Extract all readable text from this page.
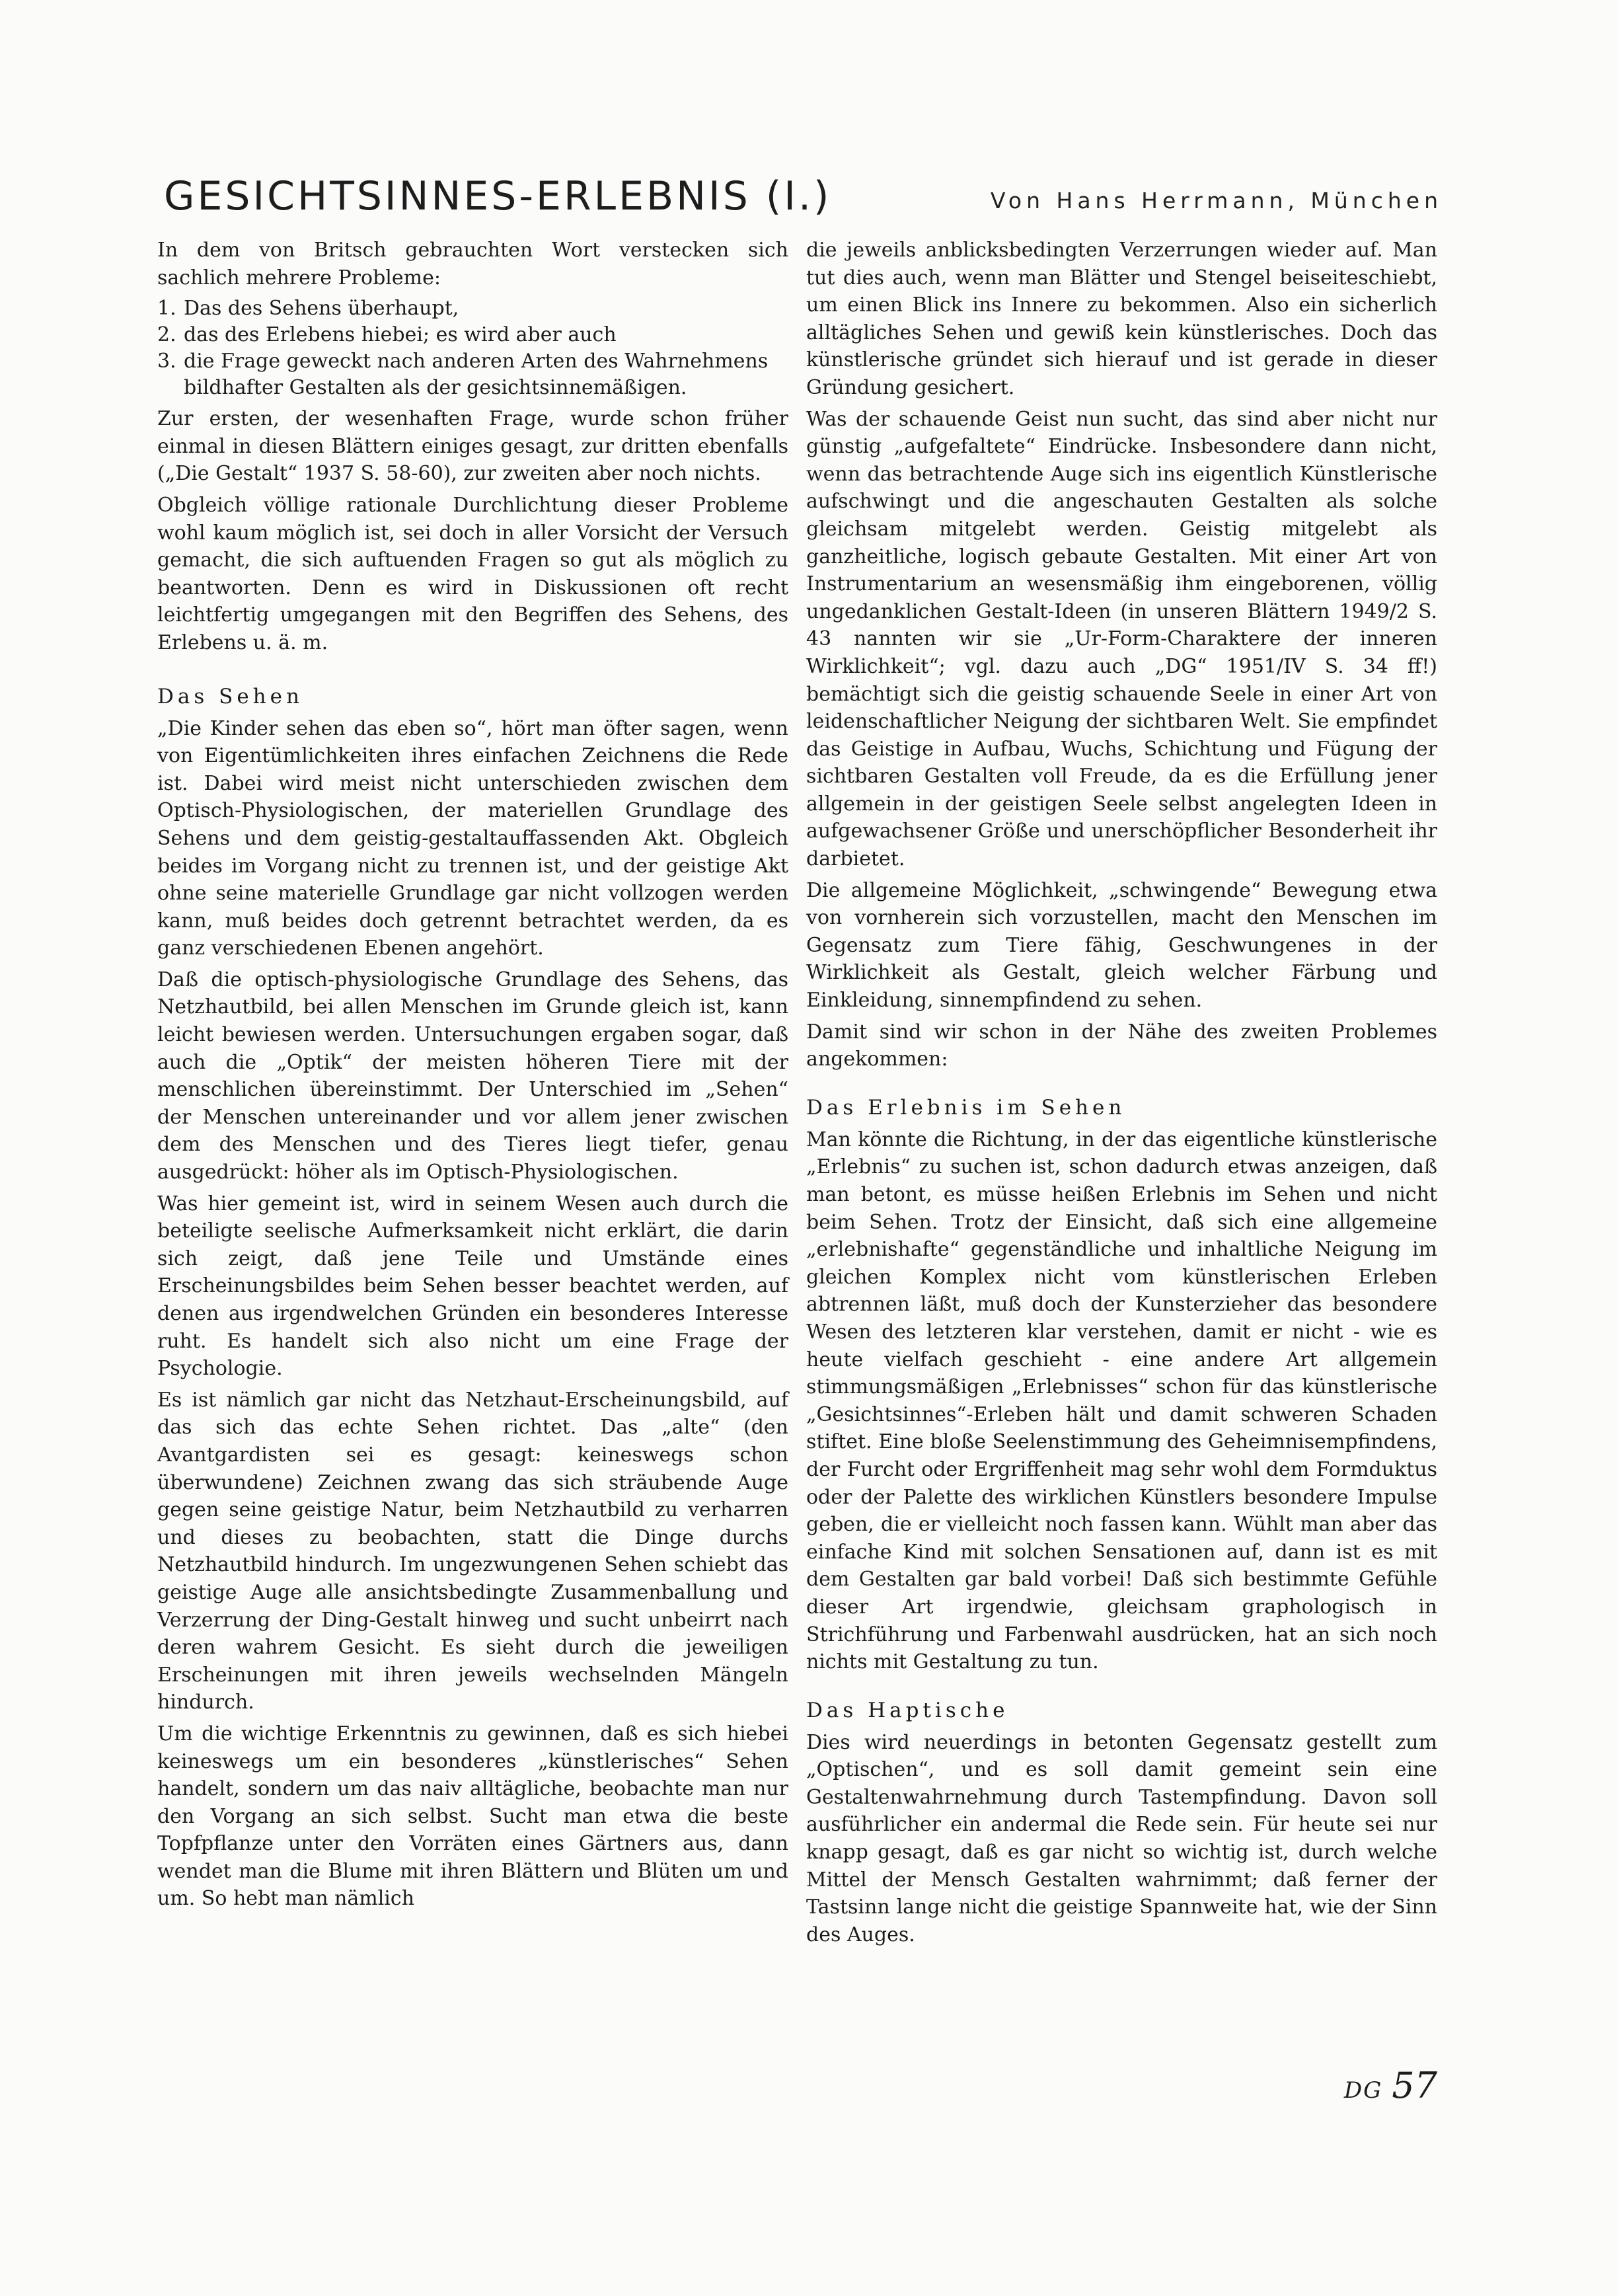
GESICHTSINNES-ERLEBNIS (I.)	Von Hans Herrmann, München

In dem von Britsch gebrauchten Wort verstecken sich sachlich mehrere Probleme:

1. Das des Sehens überhaupt,
2. das des Erlebens hiebei; es wird aber auch
3. die Frage geweckt nach anderen Arten des Wahrnehmens bildhafter Gestalten als der gesichtsinnemäßigen.

Zur ersten, der wesenhaften Frage, wurde schon früher einmal in diesen Blättern einiges gesagt, zur dritten ebenfalls („Die Gestalt“ 1937 S. 58-60), zur zweiten aber noch nichts.

Obgleich völlige rationale Durchlichtung dieser Probleme wohl kaum möglich ist, sei doch in aller Vorsicht der Versuch gemacht, die sich auftuenden Fragen so gut als möglich zu beantworten. Denn es wird in Diskussionen oft recht leichtfertig umgegangen mit den Begriffen des Sehens, des Erlebens u. ä. m.

Das Sehen

„Die Kinder sehen das eben so“, hört man öfter sagen, wenn von Eigentümlichkeiten ihres einfachen Zeichnens die Rede ist. Dabei wird meist nicht unterschieden zwischen dem Optisch-Physiologischen, der materiellen Grundlage des Sehens und dem geistig-gestaltauffassenden Akt. Obgleich beides im Vorgang nicht zu trennen ist, und der geistige Akt ohne seine materielle Grundlage gar nicht vollzogen werden kann, muß beides doch getrennt betrachtet werden, da es ganz verschiedenen Ebenen angehört.

Daß die optisch-physiologische Grundlage des Sehens, das Netzhautbild, bei allen Menschen im Grunde gleich ist, kann leicht bewiesen werden. Untersuchungen ergaben sogar, daß auch die „Optik“ der meisten höheren Tiere mit der menschlichen übereinstimmt. Der Unterschied im „Sehen“ der Menschen untereinander und vor allem jener zwischen dem des Menschen und des Tieres liegt tiefer, genau ausgedrückt: höher als im Optisch-Physiologischen.

Was hier gemeint ist, wird in seinem Wesen auch durch die beteiligte seelische Aufmerksamkeit nicht erklärt, die darin sich zeigt, daß jene Teile und Umstände eines Erscheinungsbildes beim Sehen besser beachtet werden, auf denen aus irgendwelchen Gründen ein besonderes Interesse ruht. Es handelt sich also nicht um eine Frage der Psychologie.

Es ist nämlich gar nicht das Netzhaut-Erscheinungsbild, auf das sich das echte Sehen richtet. Das „alte“ (den Avantgardisten sei es gesagt: keineswegs schon überwundene) Zeichnen zwang das sich sträubende Auge gegen seine geistige Natur, beim Netzhautbild zu verharren und dieses zu beobachten, statt die Dinge durchs Netzhautbild hindurch. Im ungezwungenen Sehen schiebt das geistige Auge alle ansichtsbedingte Zusammenballung und Verzerrung der Ding-Gestalt hinweg und sucht unbeirrt nach deren wahrem Gesicht. Es sieht durch die jeweiligen Erscheinungen mit ihren jeweils wechselnden Mängeln hindurch.

Um die wichtige Erkenntnis zu gewinnen, daß es sich hiebei keineswegs um ein besonderes „künstlerisches“ Sehen handelt, sondern um das naiv alltägliche, beobachte man nur den Vorgang an sich selbst. Sucht man etwa die beste Topfpflanze unter den Vorräten eines Gärtners aus, dann wendet man die Blume mit ihren Blättern und Blüten um und um. So hebt man nämlich

die jeweils anblicksbedingten Verzerrungen wieder auf. Man tut dies auch, wenn man Blätter und Stengel beiseiteschiebt, um einen Blick ins Innere zu bekommen. Also ein sicherlich alltägliches Sehen und gewiß kein künstlerisches. Doch das künstlerische gründet sich hierauf und ist gerade in dieser Gründung gesichert.

Was der schauende Geist nun sucht, das sind aber nicht nur günstig „aufgefaltete“ Eindrücke. Insbesondere dann nicht, wenn das betrachtende Auge sich ins eigentlich Künstlerische aufschwingt und die angeschauten Gestalten als solche gleichsam mitgelebt werden. Geistig mitgelebt als ganzheitliche, logisch gebaute Gestalten. Mit einer Art von Instrumentarium an wesensmäßig ihm eingeborenen, völlig ungedanklichen Gestalt-Ideen (in unseren Blättern 1949/2 S. 43 nannten wir sie „Ur-Form-Charaktere der inneren Wirklichkeit“; vgl. dazu auch „DG“ 1951/IV S. 34 ff!) bemächtigt sich die geistig schauende Seele in einer Art von leidenschaftlicher Neigung der sichtbaren Welt. Sie empfindet das Geistige in Aufbau, Wuchs, Schichtung und Fügung der sichtbaren Gestalten voll Freude, da es die Erfüllung jener allgemein in der geistigen Seele selbst angelegten Ideen in aufgewachsener Größe und unerschöpflicher Besonderheit ihr darbietet.

Die allgemeine Möglichkeit, „schwingende“ Bewegung etwa von vornherein sich vorzustellen, macht den Menschen im Gegensatz zum Tiere fähig, Geschwungenes in der Wirklichkeit als Gestalt, gleich welcher Färbung und Einkleidung, sinnempfindend zu sehen.

Damit sind wir schon in der Nähe des zweiten Problemes angekommen:

Das Erlebnis im Sehen

Man könnte die Richtung, in der das eigentliche künstlerische „Erlebnis“ zu suchen ist, schon dadurch etwas anzeigen, daß man betont, es müsse heißen Erlebnis im Sehen und nicht beim Sehen. Trotz der Einsicht, daß sich eine allgemeine „erlebnishafte“ gegenständliche und inhaltliche Neigung im gleichen Komplex nicht vom künstlerischen Erleben abtrennen läßt, muß doch der Kunsterzieher das besondere Wesen des letzteren klar verstehen, damit er nicht - wie es heute vielfach geschieht - eine andere Art allgemein stimmungsmäßigen „Erlebnisses“ schon für das künstlerische „Gesichtsinnes“-Erleben hält und damit schweren Schaden stiftet. Eine bloße Seelenstimmung des Geheimnisempfindens, der Furcht oder Ergriffenheit mag sehr wohl dem Formduktus oder der Palette des wirklichen Künstlers besondere Impulse geben, die er vielleicht noch fassen kann. Wühlt man aber das einfache Kind mit solchen Sensationen auf, dann ist es mit dem Gestalten gar bald vorbei! Daß sich bestimmte Gefühle dieser Art irgendwie, gleichsam graphologisch in Strichführung und Farbenwahl ausdrücken, hat an sich noch nichts mit Gestaltung zu tun.

Das Haptische

Dies wird neuerdings in betonten Gegensatz gestellt zum „Optischen“, und es soll damit gemeint sein eine Gestaltenwahrnehmung durch Tastempfindung. Davon soll ausführlicher ein andermal die Rede sein. Für heute sei nur knapp gesagt, daß es gar nicht so wichtig ist, durch welche Mittel der Mensch Gestalten wahrnimmt; daß ferner der Tastsinn lange nicht die geistige Spannweite hat, wie der Sinn des Auges.

DG 57
